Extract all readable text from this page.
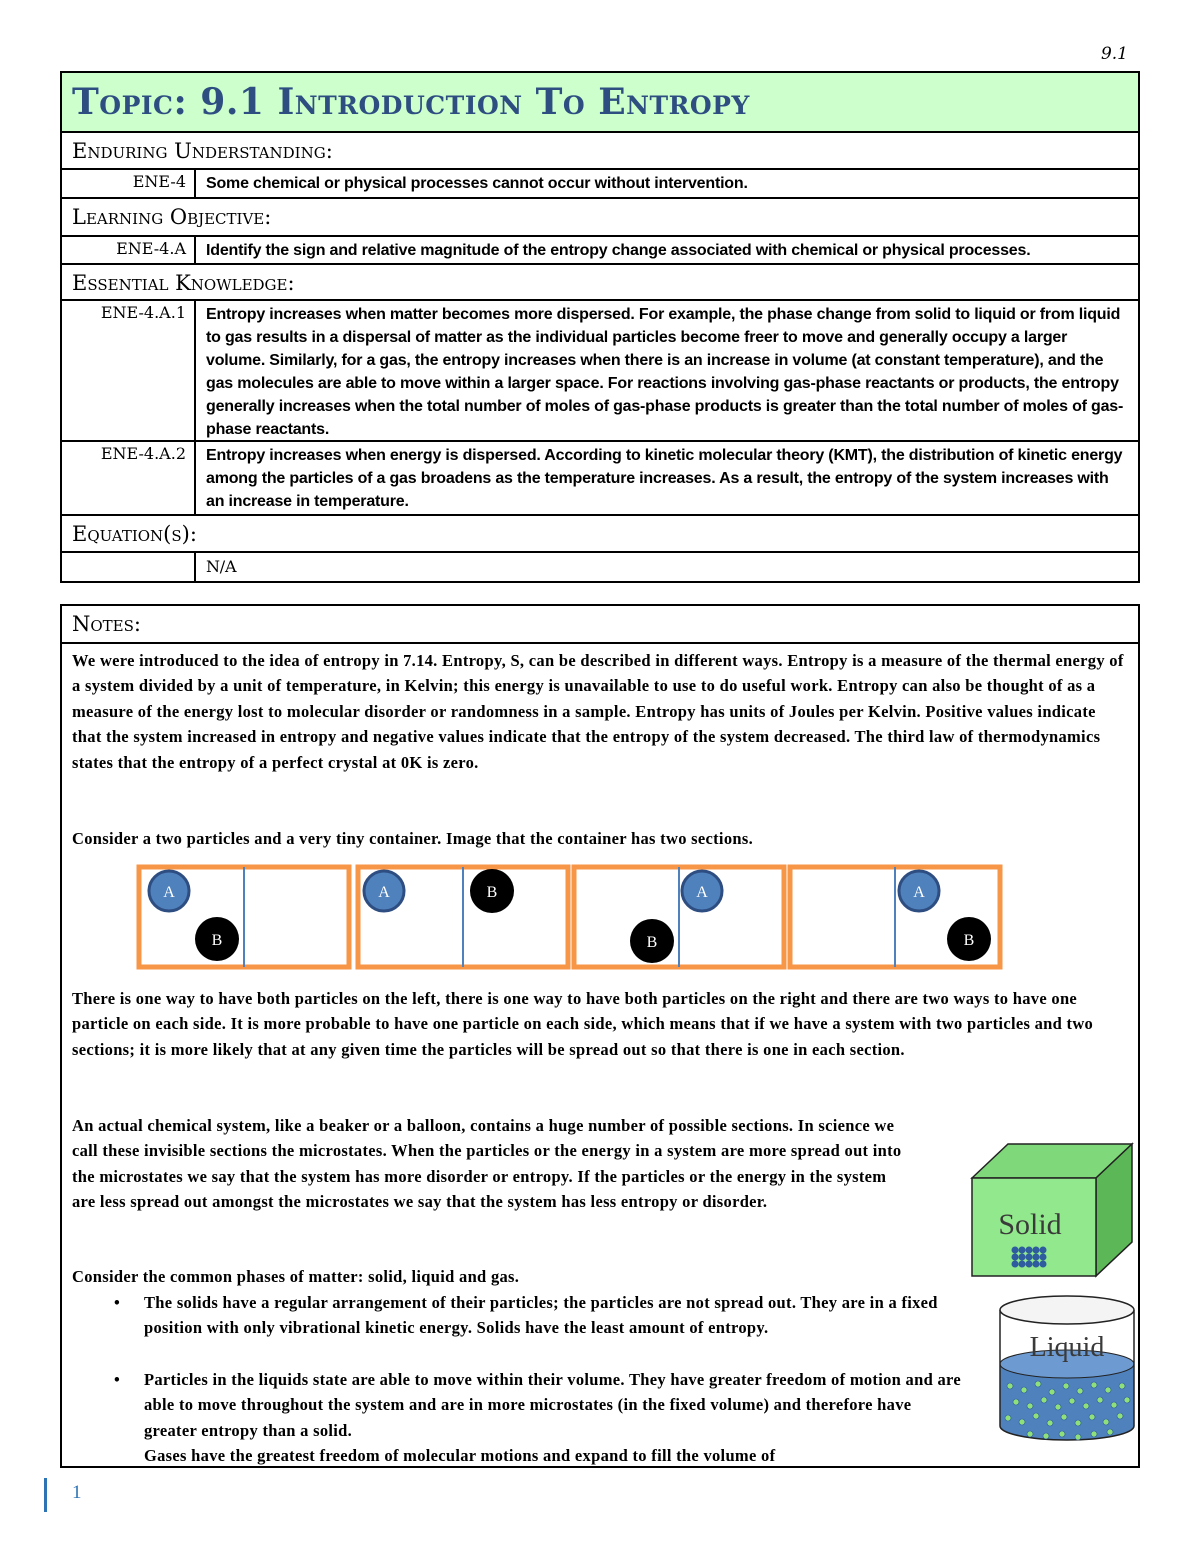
9.1
Topic: 9.1 Introduction To Entropy
Enduring Understanding:
ENE-4	Some chemical or physical processes cannot occur without intervention.
Learning Objective:
ENE-4.A	Identify the sign and relative magnitude of the entropy change associated with chemical or physical processes.
Essential Knowledge:
ENE-4.A.1	Entropy increases when matter becomes more dispersed. For example, the phase change from solid to liquid or from liquid to gas results in a dispersal of matter as the individual particles become freer to move and generally occupy a larger volume. Similarly, for a gas, the entropy increases when there is an increase in volume (at constant temperature), and the gas molecules are able to move within a larger space. For reactions involving gas-phase reactants or products, the entropy generally increases when the total number of moles of gas-phase products is greater than the total number of moles of gas-phase reactants.
ENE-4.A.2	Entropy increases when energy is dispersed. According to kinetic molecular theory (KMT), the distribution of kinetic energy among the particles of a gas broadens as the temperature increases. As a result, the entropy of the system increases with an increase in temperature.
Equation(s):
N/A
Notes:
We were introduced to the idea of entropy in 7.14. Entropy, S, can be described in different ways. Entropy is a measure of the thermal energy of a system divided by a unit of temperature, in Kelvin; this energy is unavailable to use to do useful work. Entropy can also be thought of as a measure of the energy lost to molecular disorder or randomness in a sample. Entropy has units of Joules per Kelvin. Positive values indicate that the system increased in entropy and negative values indicate that the entropy of the system decreased. The third law of thermodynamics states that the entropy of a perfect crystal at 0K is zero.
Consider a two particles and a very tiny container. Image that the container has two sections.
A
B
A	B	A
B
A
B
There is one way to have both particles on the left, there is one way to have both particles on the right and there are two ways to have one particle on each side. It is more probable to have one particle on each side, which means that if we have a system with two particles and two sections; it is more likely that at any given time the particles will be spread out so that there is one in each section.
An actual chemical system, like a beaker or a balloon, contains a huge number of possible sections. In science we call these invisible sections the microstates. When the particles or the energy in a system are more spread out into the microstates we say that the system has more disorder or entropy. If the particles or the energy in the system are less spread out amongst the microstates we say that the system has less entropy or disorder.
Consider the common phases of matter: solid, liquid and gas.
• The solids have a regular arrangement of their particles; the particles are not spread out. They are in a fixed position with only vibrational kinetic energy. Solids have the least amount of entropy.
• Particles in the liquids state are able to move within their volume. They have greater freedom of motion and are able to move throughout the system and are in more microstates (in the fixed volume) and therefore have greater entropy than a solid.
• Gases have the greatest freedom of molecular motions and expand to fill the volume of
Solid
Liquid
1
